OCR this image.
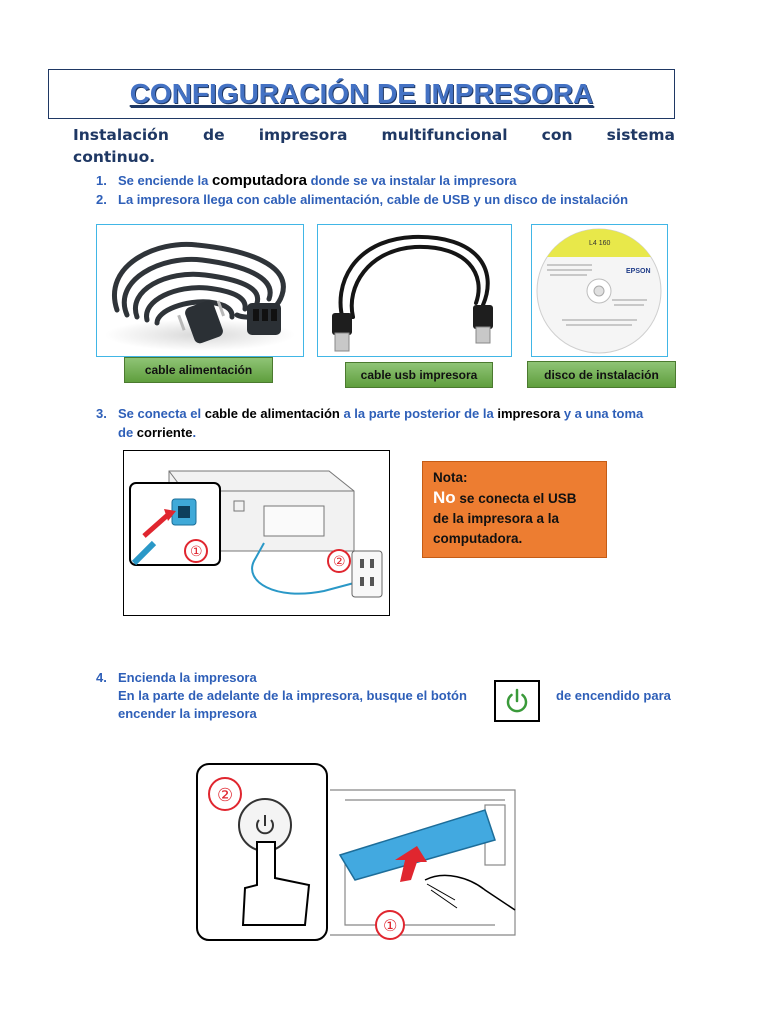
CONFIGURACIÓN DE IMPRESORA
Instalación de impresora multifuncional con sistema
continuo.
1. Se enciende la computadora donde se va instalar la impresora
2. La impresora llega con cable alimentación, cable de USB y un disco de instalación
EPSON
L4 160
cable alimentación	cable usb impresora	disco de instalación
3. Se conecta el cable de alimentación a la parte posterior de la impresora y a una toma
de corriente.
①
②
Nota:
No se conecta el USB
de la impresora a la
computadora.
4. Encienda la impresora
En la parte de adelante de la impresora, busque el botón	de encendido para
encender la impresora
①
②
